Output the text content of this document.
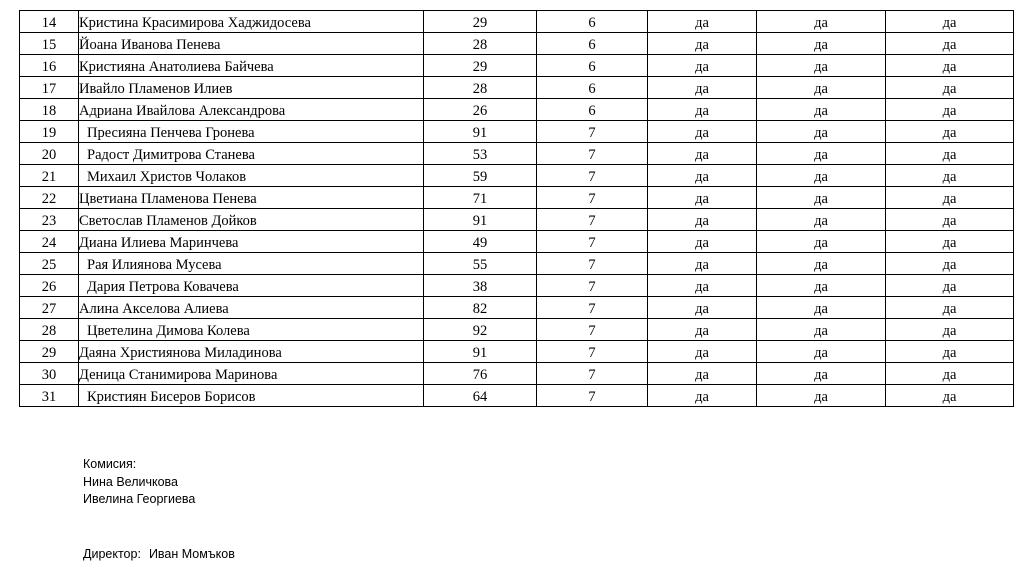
14	Кристина Красимирова Хаджидосева	29	6	да	да	да
15	Йоана Иванова Пенева	28	6	да	да	да
16	Кристияна Анатолиева Байчева	29	6	да	да	да
17	Ивайло Пламенов Илиев	28	6	да	да	да
18	Адриана Ивайлова Александрова	26	6	да	да	да
19	Пресияна Пенчева Гронева	91	7	да	да	да
20	Радост Димитрова Станева	53	7	да	да	да
21	Михаил Христов Чолаков	59	7	да	да	да
22	Цветиана Пламенова Пенева	71	7	да	да	да
23	Светослав Пламенов Дойков	91	7	да	да	да
24	Диана Илиева Маринчева	49	7	да	да	да
25	Рая Илиянова Мусева	55	7	да	да	да
26	Дария Петрова Ковачева	38	7	да	да	да
27	Алина Акселова Алиева	82	7	да	да	да
28	Цветелина Димова Колева	92	7	да	да	да
29	Даяна Християнова Миладинова	91	7	да	да	да
30	Деница Станимирова Маринова	76	7	да	да	да
31	Кристиян Бисеров Борисов	64	7	да	да	да
Комисия:
Нина Величкова
Ивелина Георгиева
Директор: Иван Момъков
